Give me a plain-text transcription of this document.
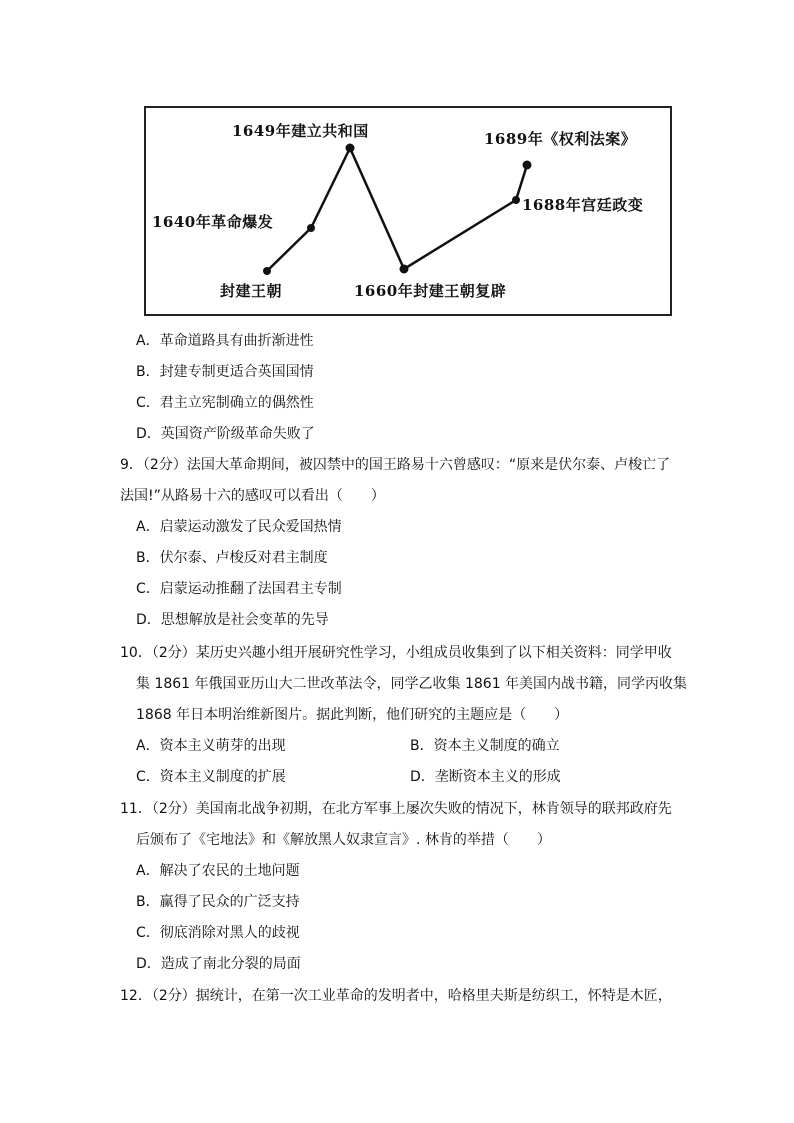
封建王朝
1640年革命爆发
1649年建立共和国
1660年封建王朝复辟
1688年宫廷政变
1689年《权利法案》
A．革命道路具有曲折渐进性
B．封建专制更适合英国国情
C．君主立宪制确立的偶然性
D．英国资产阶级革命失败了
9．（2分）法国大革命期间，被囚禁中的国王路易十六曾感叹：“原来是伏尔泰、卢梭亡了
法国!”从路易十六的感叹可以看出（　　）
A．启蒙运动激发了民众爱国热情
B．伏尔泰、卢梭反对君主制度
C．启蒙运动推翻了法国君主专制
D．思想解放是社会变革的先导
10．（2分）某历史兴趣小组开展研究性学习，小组成员收集到了以下相关资料：同学甲收
集 1861 年俄国亚历山大二世改革法令，同学乙收集 1861 年美国内战书籍，同学丙收集
1868 年日本明治维新图片。据此判断，他们研究的主题应是（　　）
A．资本主义萌芽的出现	B．资本主义制度的确立
C．资本主义制度的扩展	D．垄断资本主义的形成
11．（2分）美国南北战争初期，在北方军事上屡次失败的情况下，林肯领导的联邦政府先
后颁布了《宅地法》和《解放黑人奴隶宣言》. 林肯的举措（　　）
A．解决了农民的土地问题
B．赢得了民众的广泛支持
C．彻底消除对黑人的歧视
D．造成了南北分裂的局面
12．（2分）据统计，在第一次工业革命的发明者中，哈格里夫斯是纺织工，怀特是木匠，
